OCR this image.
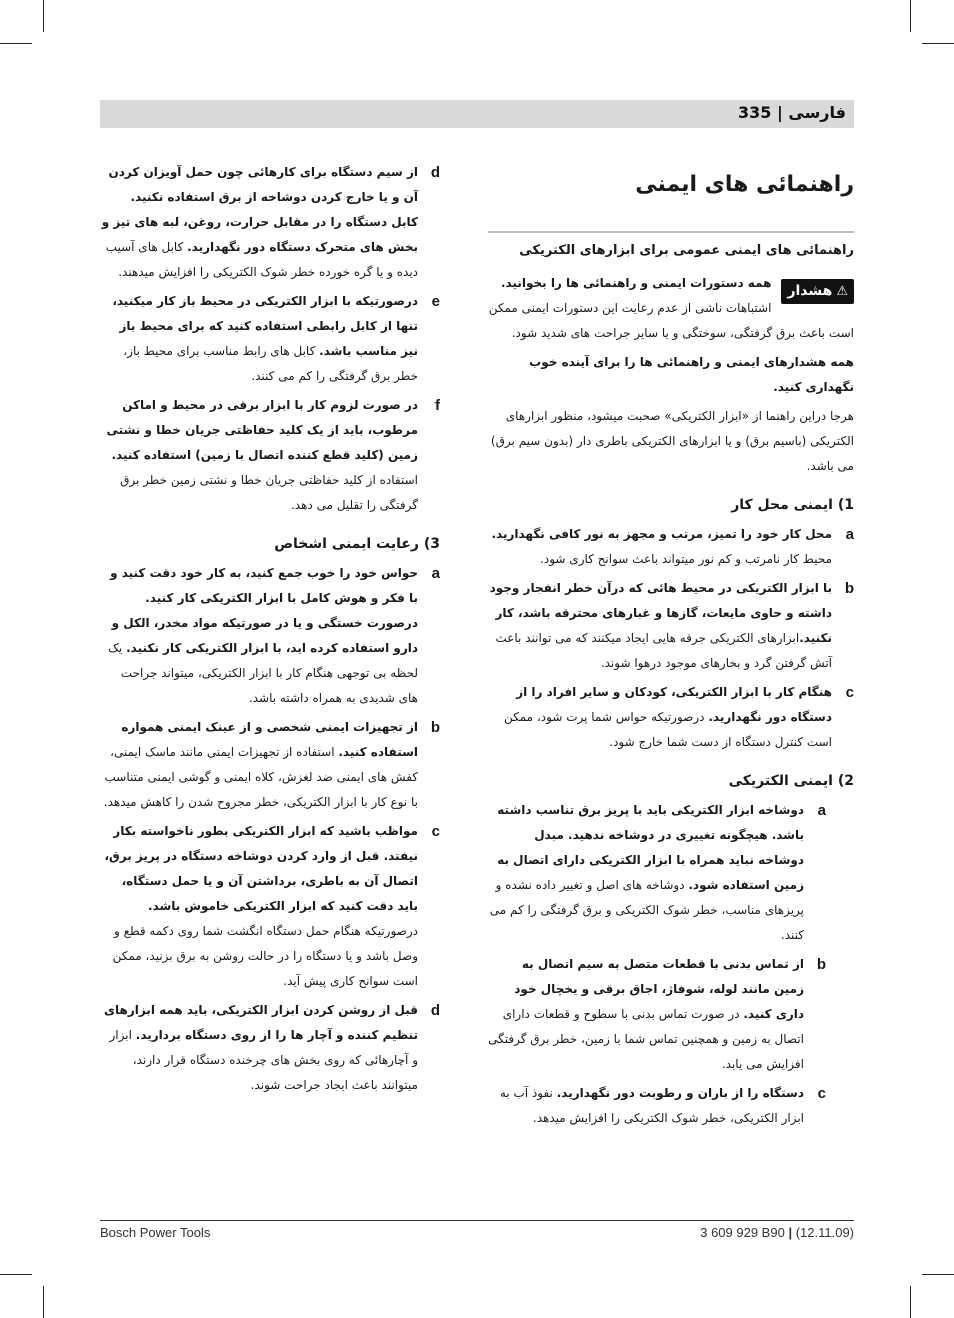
فارسی | 335
راهنمائی های ایمنی
راهنمائی های ایمنی عمومی برای ابزارهای الکتریکی
⚠هشدار

همه دستورات ایمنی و راهنمائی ها را بخوانید. اشتباهات ناشی از عدم رعایت این دستورات ایمنی ممکن است باعث برق گرفتگی، سوختگی و یا سایر جراحت های شدید شود.

همه هشدارهای ایمنی و راهنمائی ها را برای آینده خوب نگهداری کنید.

هرجا دراین راهنما از «ابزار الکتریکی» صحبت میشود، منظور ابزارهای الکتریکی (باسیم برق) و یا ابزارهای الکتریکی باطری دار (بدون سیم برق) می باشد.

1) ایمنی محل کار
a
محل کار خود را تمیز، مرتب و مجهز به نور کافی نگهدارید. محیط کار نامرتب و کم نور میتواند باعث سوانح کاری شود.
b
با ابزار الکتریکی در محیط هائی که درآن خطر انفجار وجود داشته و حاوی مایعات، گازها و غبارهای محترقه باشد، کار نکنید.ابزارهای الکتریکی جرقه هایی ایجاد میکنند که می توانند باعث آتش گرفتن گرد و بخارهای موجود درهوا شوند.
c
هنگام کار با ابزار الکتریکی، کودکان و سایر افراد را از دستگاه دور نگهدارید. درصورتیکه حواس شما پرت شود، ممکن است کنترل دستگاه از دست شما خارج شود.
2) ایمنی الکتریکی
a
دوشاخه ابزار الکتریکی باید با پریز برق تناسب داشته باشد. هیچگونه تغییری در دوشاخه ندهید. مبدل دوشاخه نباید همراه با ابزار الکتریکی دارای اتصال به زمین استفاده شود. دوشاخه های اصل و تغییر داده نشده و پریزهای مناسب، خطر شوک الکتریکی و برق گرفتگی را کم می کنند.
b
از تماس بدنی با قطعات متصل به سیم اتصال به زمین مانند لوله، شوفاژ، اجاق برقی و یخچال خود داری کنید. در صورت تماس بدنی با سطوح و قطعات دارای اتصال به زمین و همچنین تماس شما با زمین، خطر برق گرفتگی افزایش می یابد.
c
دستگاه را از باران و رطوبت دور نگهدارید. نفوذ آب به ابزار الکتریکی، خطر شوک الکتریکی را افزایش میدهد.
d
از سیم دستگاه برای کارهائی چون حمل آویزان کردن آن و یا خارج کردن دوشاخه از برق استفاده نکنید. کابل دستگاه را در مقابل حرارت، روغن، لبه های تیز و بخش های متحرک دستگاه دور نگهدارید. کابل های آسیب دیده و یا گره خورده خطر شوک الکتریکی را افزایش میدهند.
e
درصورتیکه با ابزار الکتریکی در محیط باز کار میکنید، تنها از کابل رابطی استفاده کنید که برای محیط باز نیز مناسب باشد. کابل های رابط مناسب برای محیط باز، خطر برق گرفتگی را کم می کنند.
f
در صورت لزوم کار با ابزار برقی در محیط و اماکن مرطوب، باید از یک کلید حفاظتی جریان خطا و نشتی زمین (کلید قطع کننده اتصال با زمین) استفاده کنید. استفاده از کلید حفاظتی جریان خطا و نشتی زمین خطر برق گرفتگی را تقلیل می دهد.
3) رعایت ایمنی اشخاص
a
حواس خود را خوب جمع کنید، به کار خود دقت کنید و با فکر و هوش کامل با ابزار الکتریکی کار کنید. درصورت خستگی و یا در صورتیکه مواد مخدر، الکل و دارو استفاده کرده اید، با ابزار الکتریکی کار نکنید. یک لحظه بی توجهی هنگام کار با ابزار الکتریکی، میتواند جراحت های شدیدی به همراه داشته باشد.
b
از تجهیزات ایمنی شخصی و از عینک ایمنی همواره استفاده کنید. استفاده از تجهیزات ایمنی مانند ماسک ایمنی، کفش های ایمنی ضد لغزش، کلاه ایمنی و گوشی ایمنی متناسب با نوع کار با ابزار الکتریکی، خطر مجروح شدن را کاهش میدهد.
c
مواظب باشید که ابزار الکتریکی بطور ناخواسته بکار نیفتد. قبل از وارد کردن دوشاخه دستگاه در پریز برق، اتصال آن به باطری، برداشتن آن و یا حمل دستگاه، باید دقت کنید که ابزار الکتریکی خاموش باشد. درصورتیکه هنگام حمل دستگاه انگشت شما روی دکمه قطع و وصل باشد و یا دستگاه را در حالت روشن به برق بزنید، ممکن است سوانح کاری پیش آید.
d
قبل از روشن کردن ابزار الکتریکی، باید همه ابزارهای تنظیم کننده و آچار ها را از روی دستگاه بردارید. ابزار و آچارهائی که روی بخش های چرخنده دستگاه قرار دارند، میتوانند باعث ایجاد جراحت شوند.
Bosch Power Tools	3 609 929 B90 | (12.11.09)
